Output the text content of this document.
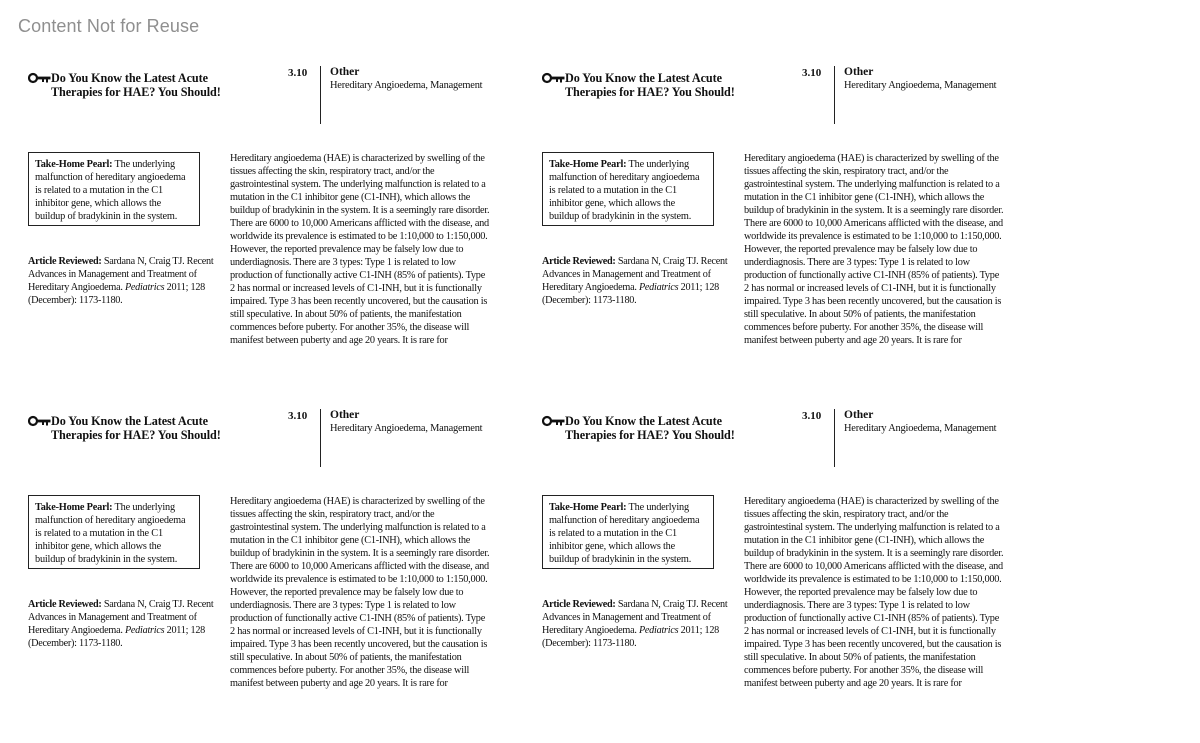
Content Not for Reuse
Do You Know the Latest Acute
Therapies for HAE? You Should!
3.10 Other
Hereditary Angioedema, Management
Take-Home Pearl: The underlying malfunction of hereditary angioedema is related to a mutation in the C1 inhibitor gene, which allows the buildup of bradykinin in the system.
Article Reviewed: Sardana N, Craig TJ. Recent Advances in Management and Treatment of Hereditary Angioedema. Pediatrics 2011; 128 (December): 1173-1180.
Hereditary angioedema (HAE) is characterized by swelling of the tissues affecting the skin, respiratory tract, and/or the gastrointestinal system. The underlying malfunction is related to a mutation in the C1 inhibitor gene (C1-INH), which allows the buildup of bradykinin in the system. It is a seemingly rare disorder. There are 6000 to 10,000 Americans afflicted with the disease, and worldwide its prevalence is estimated to be 1:10,000 to 1:150,000. However, the reported prevalence may be falsely low due to underdiagnosis. There are 3 types: Type 1 is related to low production of functionally active C1-INH (85% of patients). Type 2 has normal or increased levels of C1-INH, but it is functionally impaired. Type 3 has been recently uncovered, but the causation is still speculative. In about 50% of patients, the manifestation commences before puberty. For another 35%, the disease will manifest between puberty and age 20 years. It is rare for
Do You Know the Latest Acute
Therapies for HAE? You Should!
3.10 Other
Hereditary Angioedema, Management
Take-Home Pearl: The underlying malfunction of hereditary angioedema is related to a mutation in the C1 inhibitor gene, which allows the buildup of bradykinin in the system.
Article Reviewed: Sardana N, Craig TJ. Recent Advances in Management and Treatment of Hereditary Angioedema. Pediatrics 2011; 128 (December): 1173-1180.
Hereditary angioedema (HAE) is characterized by swelling of the tissues affecting the skin, respiratory tract, and/or the gastrointestinal system. The underlying malfunction is related to a mutation in the C1 inhibitor gene (C1-INH), which allows the buildup of bradykinin in the system. It is a seemingly rare disorder. There are 6000 to 10,000 Americans afflicted with the disease, and worldwide its prevalence is estimated to be 1:10,000 to 1:150,000. However, the reported prevalence may be falsely low due to underdiagnosis. There are 3 types: Type 1 is related to low production of functionally active C1-INH (85% of patients). Type 2 has normal or increased levels of C1-INH, but it is functionally impaired. Type 3 has been recently uncovered, but the causation is still speculative. In about 50% of patients, the manifestation commences before puberty. For another 35%, the disease will manifest between puberty and age 20 years. It is rare for
Do You Know the Latest Acute
Therapies for HAE? You Should!
3.10 Other
Hereditary Angioedema, Management
Take-Home Pearl: The underlying malfunction of hereditary angioedema is related to a mutation in the C1 inhibitor gene, which allows the buildup of bradykinin in the system.
Article Reviewed: Sardana N, Craig TJ. Recent Advances in Management and Treatment of Hereditary Angioedema. Pediatrics 2011; 128 (December): 1173-1180.
Hereditary angioedema (HAE) is characterized by swelling of the tissues affecting the skin, respiratory tract, and/or the gastrointestinal system. The underlying malfunction is related to a mutation in the C1 inhibitor gene (C1-INH), which allows the buildup of bradykinin in the system. It is a seemingly rare disorder. There are 6000 to 10,000 Americans afflicted with the disease, and worldwide its prevalence is estimated to be 1:10,000 to 1:150,000. However, the reported prevalence may be falsely low due to underdiagnosis. There are 3 types: Type 1 is related to low production of functionally active C1-INH (85% of patients). Type 2 has normal or increased levels of C1-INH, but it is functionally impaired. Type 3 has been recently uncovered, but the causation is still speculative. In about 50% of patients, the manifestation commences before puberty. For another 35%, the disease will manifest between puberty and age 20 years. It is rare for
Do You Know the Latest Acute
Therapies for HAE? You Should!
3.10 Other
Hereditary Angioedema, Management
Take-Home Pearl: The underlying malfunction of hereditary angioedema is related to a mutation in the C1 inhibitor gene, which allows the buildup of bradykinin in the system.
Article Reviewed: Sardana N, Craig TJ. Recent Advances in Management and Treatment of Hereditary Angioedema. Pediatrics 2011; 128 (December): 1173-1180.
Hereditary angioedema (HAE) is characterized by swelling of the tissues affecting the skin, respiratory tract, and/or the gastrointestinal system. The underlying malfunction is related to a mutation in the C1 inhibitor gene (C1-INH), which allows the buildup of bradykinin in the system. It is a seemingly rare disorder. There are 6000 to 10,000 Americans afflicted with the disease, and worldwide its prevalence is estimated to be 1:10,000 to 1:150,000. However, the reported prevalence may be falsely low due to underdiagnosis. There are 3 types: Type 1 is related to low production of functionally active C1-INH (85% of patients). Type 2 has normal or increased levels of C1-INH, but it is functionally impaired. Type 3 has been recently uncovered, but the causation is still speculative. In about 50% of patients, the manifestation commences before puberty. For another 35%, the disease will manifest between puberty and age 20 years. It is rare for
